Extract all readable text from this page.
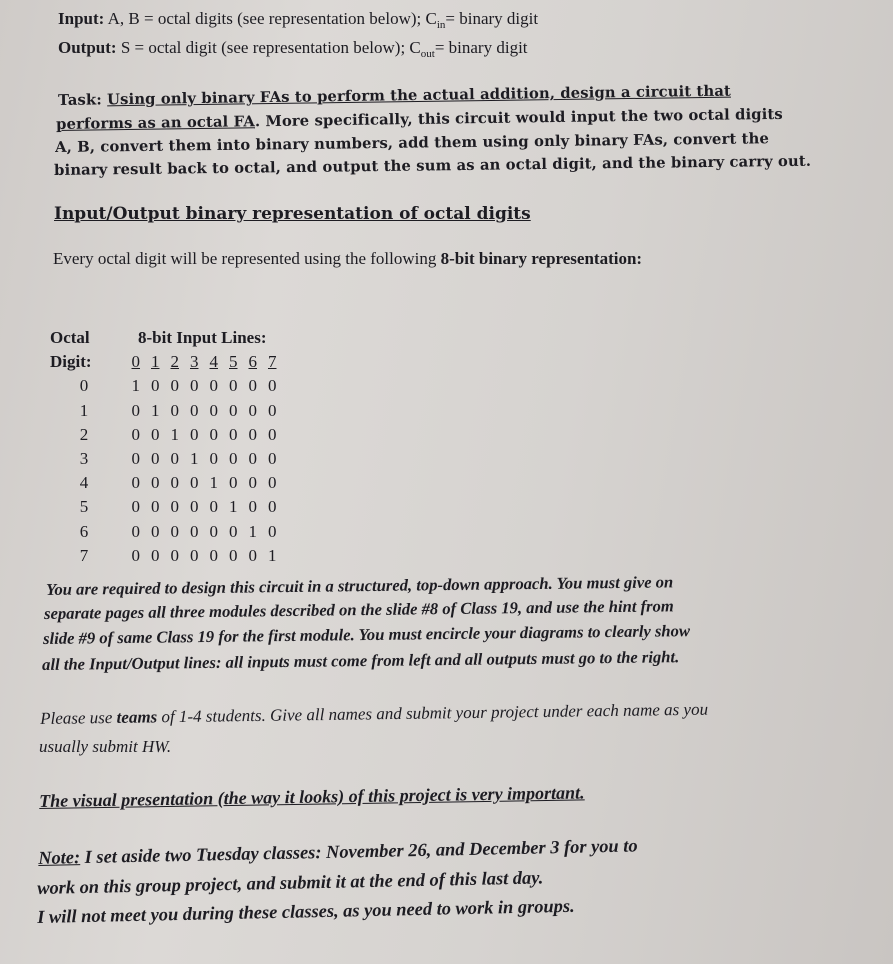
Input: A, B = octal digits (see representation below); $C_{in}=$ binary digit
Output: S = octal digit (see representation below); $C_{out}=$ binary digit
Task: Using only binary FAs to perform the actual addition, design a circuit that
performs as an octal FA. More specifically, this circuit would input the two octal digits
A, B, convert them into binary numbers, add them using only binary FAs, convert the
binary result back to octal, and output the sum as an octal digit, and the binary carry out.
Input/Output binary representation of octal digits
Every octal digit will be represented using the following 8-bit binary representation:
Octal	8-bit Input Lines:
Digit:	0 1 2 3 4 5 6 7
0	1 0 0 0 0 0 0 0
1	0 1 0 0 0 0 0 0
2	0 0 1 0 0 0 0 0
3	0 0 0 1 0 0 0 0
4	0 0 0 0 1 0 0 0
5	0 0 0 0 0 1 0 0
6	0 0 0 0 0 0 1 0
7	0 0 0 0 0 0 0 1
You are required to design this circuit in a structured, top-down approach. You must give on
separate pages all three modules described on the slide #8 of Class 19, and use the hint from
slide #9 of same Class 19 for the first module. You must encircle your diagrams to clearly show
all the Input/Output lines: all inputs must come from left and all outputs must go to the right.
Please use teams of 1-4 students. Give all names and submit your project under each name as you
usually submit HW.
The visual presentation (the way it looks) of this project is very important.
Note: I set aside two Tuesday classes: November 26, and December 3 for you to
work on this group project, and submit it at the end of this last day.
I will not meet you during these classes, as you need to work in groups.
